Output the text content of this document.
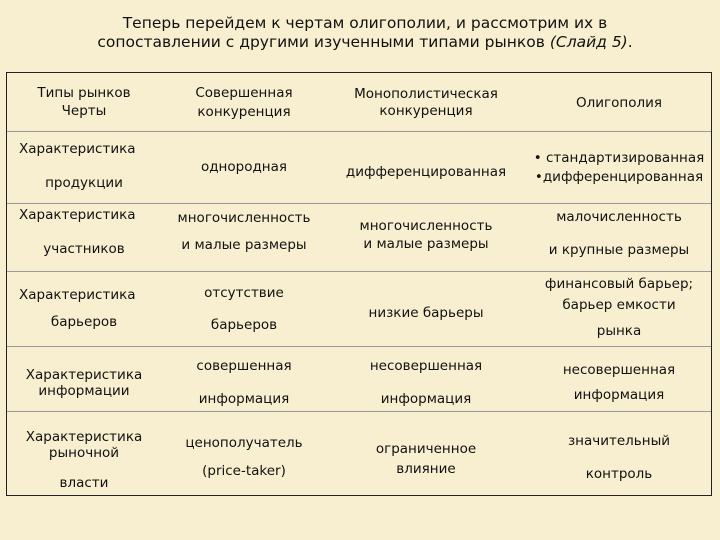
Теперь перейдем к чертам олигополии, и рассмотрим их в
сопоставлении с другими изученными типами рынков (Слайд 5).
Типы рынков
Черты
Совершенная
конкуренция
Монополистическая
конкуренция	Олигополия
Характеристика
продукции
однородная	дифференцированная
• стандартизированная
•дифференцированная
Характеристика
участников
многочисленность
и малые размеры
многочисленность
и малые размеры
малочисленность
и крупные размеры
Характеристика
барьеров
отсутствие
барьеров
низкие барьеры
финансовый барьер;
барьер емкости
рынка
Характеристика
информации
совершенная
информация
несовершенная
информация
несовершенная
информация
Характеристика
рыночной
власти
ценополучатель
(price-taker)
ограниченное
влияние
значительный
контроль
